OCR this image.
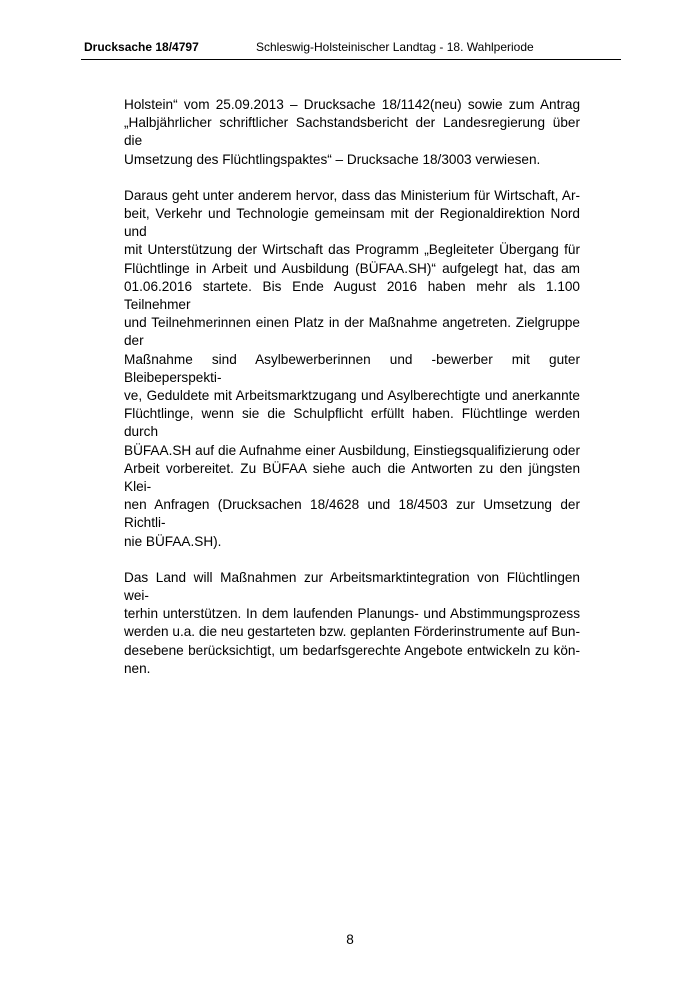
Drucksache 18/4797	Schleswig-Holsteinischer Landtag - 18. Wahlperiode

Holstein“ vom 25.09.2013 – Drucksache 18/1142(neu) sowie zum Antrag
„Halbjährlicher schriftlicher Sachstandsbericht der Landesregierung über die
Umsetzung des Flüchtlingspaktes“ – Drucksache 18/3003 verwiesen.

Daraus geht unter anderem hervor, dass das Ministerium für Wirtschaft, Ar-
beit, Verkehr und Technologie gemeinsam mit der Regionaldirektion Nord und
mit Unterstützung der Wirtschaft das Programm „Begleiteter Übergang für
Flüchtlinge in Arbeit und Ausbildung (BÜFAA.SH)“ aufgelegt hat, das am
01.06.2016 startete. Bis Ende August 2016 haben mehr als 1.100 Teilnehmer
und Teilnehmerinnen einen Platz in der Maßnahme angetreten. Zielgruppe der
Maßnahme sind Asylbewerberinnen und -bewerber mit guter Bleibeperspekti-
ve, Geduldete mit Arbeitsmarktzugang und Asylberechtigte und anerkannte
Flüchtlinge, wenn sie die Schulpflicht erfüllt haben. Flüchtlinge werden durch
BÜFAA.SH auf die Aufnahme einer Ausbildung, Einstiegsqualifizierung oder
Arbeit vorbereitet. Zu BÜFAA siehe auch die Antworten zu den jüngsten Klei-
nen Anfragen (Drucksachen 18/4628 und 18/4503 zur Umsetzung der Richtli-
nie BÜFAA.SH).

Das Land will Maßnahmen zur Arbeitsmarktintegration von Flüchtlingen wei-
terhin unterstützen. In dem laufenden Planungs- und Abstimmungsprozess
werden u.a. die neu gestarteten bzw. geplanten Förderinstrumente auf Bun-
desebene berücksichtigt, um bedarfsgerechte Angebote entwickeln zu kön-
nen.

8
